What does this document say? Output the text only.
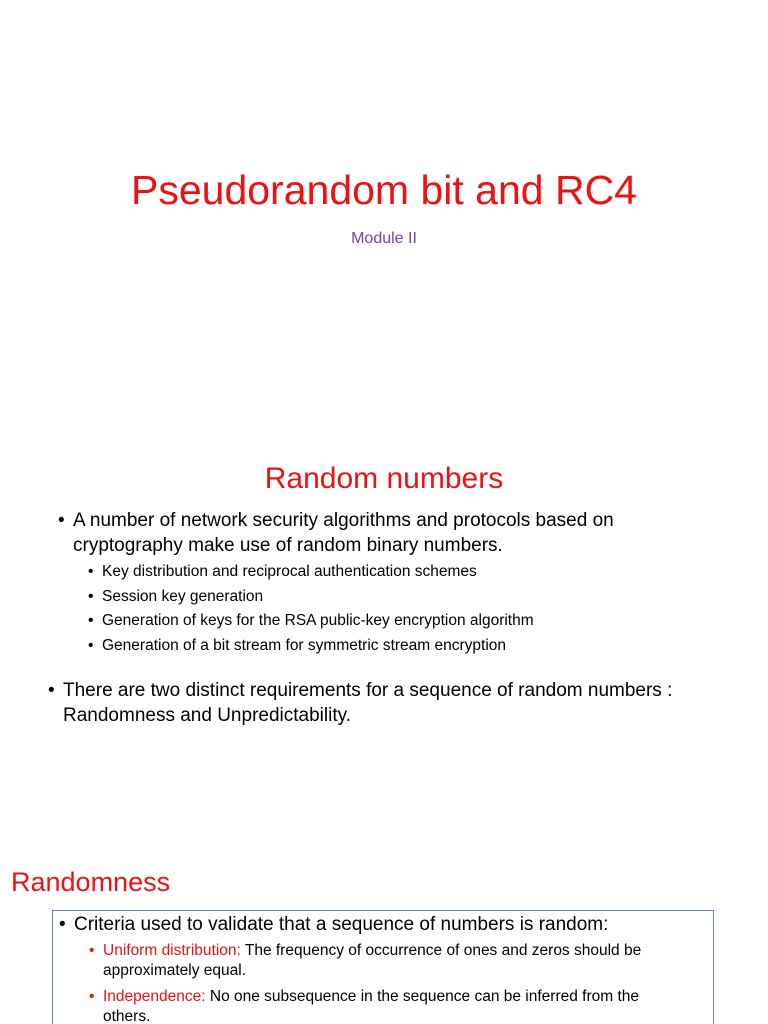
Pseudorandom bit and RC4

Module II

Random numbers
• A number of network security algorithms and protocols based on cryptography make use of random binary numbers.
• Key distribution and reciprocal authentication schemes
• Session key generation
• Generation of keys for the RSA public-key encryption algorithm
• Generation of a bit stream for symmetric stream encryption
• There are two distinct requirements for a sequence of random numbers : Randomness and Unpredictability.
Randomness
• Criteria used to validate that a sequence of numbers is random:
• Uniform distribution: The frequency of occurrence of ones and zeros should be approximately equal.
• Independence: No one subsequence in the sequence can be inferred from the others.
